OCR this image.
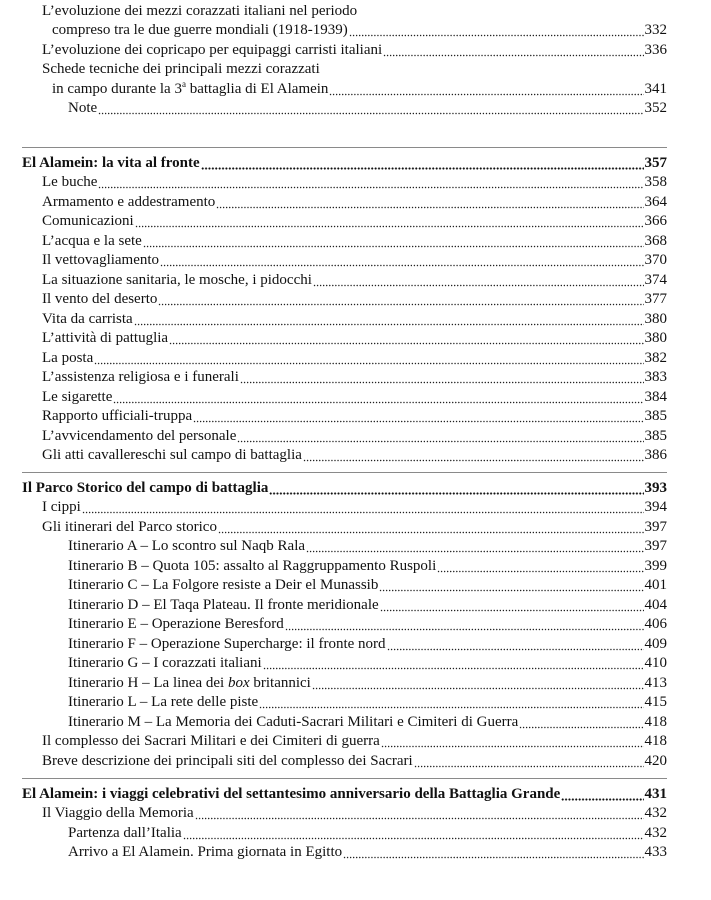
L’evoluzione dei mezzi corazzati italiani nel periodo
compreso tra le due guerre mondiali (1918-1939)	332
L’evoluzione dei copricapo per equipaggi carristi italiani	336
Schede tecniche dei principali mezzi corazzati
in campo durante la 3$^a$ battaglia di El Alamein	341
Note	352
El Alamein: la vita al fronte	357
Le buche	358
Armamento e addestramento	364
Comunicazioni	366
L’acqua e la sete	368
Il vettovagliamento	370
La situazione sanitaria, le mosche, i pidocchi	374
Il vento del deserto	377
Vita da carrista	380
L’attività di pattuglia	380
La posta	382
L’assistenza religiosa e i funerali	383
Le sigarette	384
Rapporto ufficiali-truppa	385
L’avvicendamento del personale	385
Gli atti cavallereschi sul campo di battaglia	386
Il Parco Storico del campo di battaglia	393
I cippi	394
Gli itinerari del Parco storico	397
Itinerario A – Lo scontro sul Naqb Rala	397
Itinerario B – Quota 105: assalto al Raggruppamento Ruspoli	399
Itinerario C – La Folgore resiste a Deir el Munassib	401
Itinerario D – El Taqa Plateau. Il fronte meridionale	404
Itinerario E – Operazione Beresford	406
Itinerario F – Operazione Supercharge: il fronte nord	409
Itinerario G – I corazzati italiani	410
Itinerario H – La linea dei box britannici	413
Itinerario L – La rete delle piste	415
Itinerario M – La Memoria dei Caduti-Sacrari Militari e Cimiteri di Guerra	418
Il complesso dei Sacrari Militari e dei Cimiteri di guerra	418
Breve descrizione dei principali siti del complesso dei Sacrari	420
El Alamein: i viaggi celebrativi del settantesimo anniversario della Battaglia Grande	431
Il Viaggio della Memoria	432
Partenza dall’Italia	432
Arrivo a El Alamein. Prima giornata in Egitto	433
